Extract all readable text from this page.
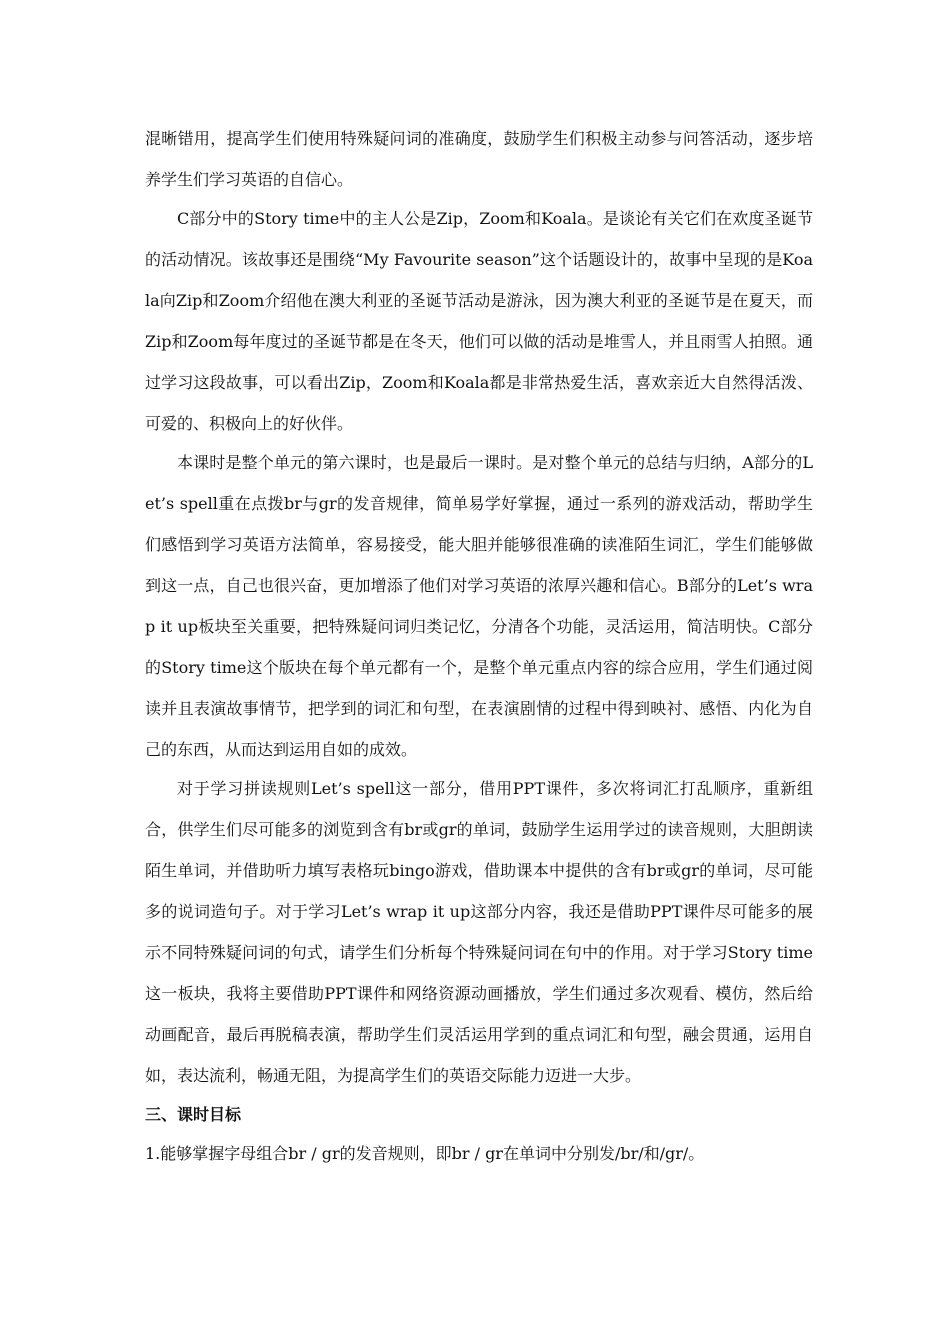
混晰错用，提高学生们使用特殊疑问词的准确度，鼓励学生们积极主动参与问答活动，逐步培养学生们学习英语的自信心。

C部分中的Story time中的主人公是Zip，Zoom和Koala。是谈论有关它们在欢度圣诞节的活动情况。该故事还是围绕“My Favourite season”这个话题设计的，故事中呈现的是Koala向Zip和Zoom介绍他在澳大利亚的圣诞节活动是游泳，因为澳大利亚的圣诞节是在夏天，而Zip和Zoom每年度过的圣诞节都是在冬天，他们可以做的活动是堆雪人，并且雨雪人拍照。通过学习这段故事，可以看出Zip，Zoom和Koala都是非常热爱生活，喜欢亲近大自然得活泼、可爱的、积极向上的好伙伴。

本课时是整个单元的第六课时，也是最后一课时。是对整个单元的总结与归纳，A部分的Let’s spell重在点拨br与gr的发音规律，简单易学好掌握，通过一系列的游戏活动，帮助学生们感悟到学习英语方法简单，容易接受，能大胆并能够很准确的读准陌生词汇，学生们能够做到这一点，自己也很兴奋，更加增添了他们对学习英语的浓厚兴趣和信心。B部分的Let’s wrap it up板块至关重要，把特殊疑问词归类记忆，分清各个功能，灵活运用，简洁明快。C部分的Story time这个版块在每个单元都有一个，是整个单元重点内容的综合应用，学生们通过阅读并且表演故事情节，把学到的词汇和句型，在表演剧情的过程中得到映衬、感悟、内化为自己的东西，从而达到运用自如的成效。

对于学习拼读规则Let’s spell这一部分，借用PPT课件，多次将词汇打乱顺序，重新组合，供学生们尽可能多的浏览到含有br或gr的单词，鼓励学生运用学过的读音规则，大胆朗读陌生单词，并借助听力填写表格玩bingo游戏，借助课本中提供的含有br或gr的单词，尽可能多的说词造句子。对于学习Let’s wrap it up这部分内容，我还是借助PPT课件尽可能多的展示不同特殊疑问词的句式，请学生们分析每个特殊疑问词在句中的作用。对于学习Story time这一板块，我将主要借助PPT课件和网络资源动画播放，学生们通过多次观看、模仿，然后给动画配音，最后再脱稿表演，帮助学生们灵活运用学到的重点词汇和句型，融会贯通，运用自如，表达流利，畅通无阻，为提高学生们的英语交际能力迈进一大步。

三、课时目标

1.能够掌握字母组合br / gr的发音规则，即br / gr在单词中分别发/br/和/gr/。
